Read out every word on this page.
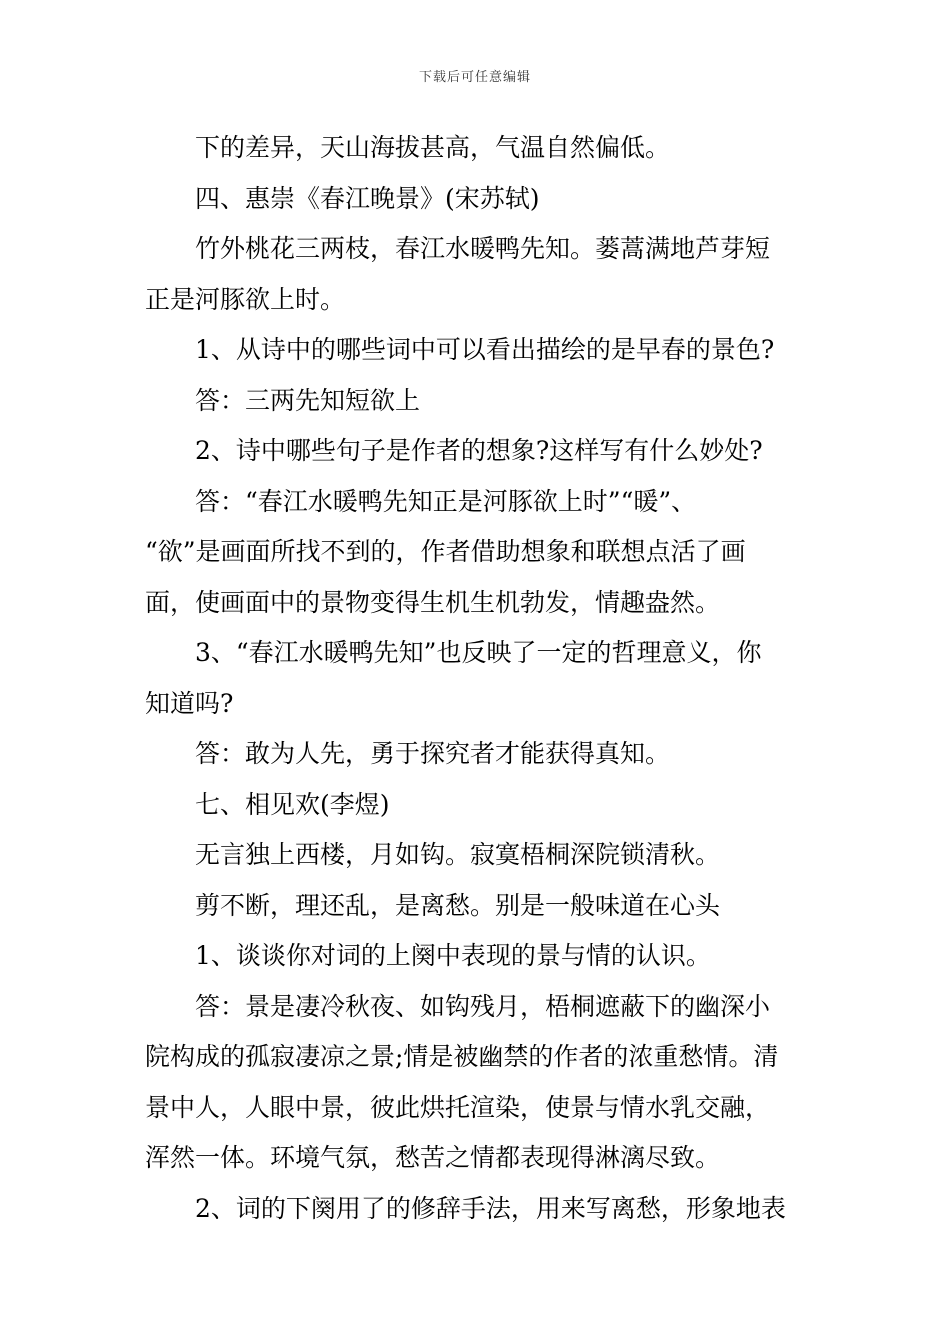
下载后可任意编辑
下的差异，天山海拔甚高，气温自然偏低。
四、惠崇《春江晚景》(宋苏轼)
竹外桃花三两枝，春江水暖鸭先知。蒌蒿满地芦芽短
正是河豚欲上时。
1、从诗中的哪些词中可以看出描绘的是早春的景色?
答：三两先知短欲上
2、诗中哪些句子是作者的想象?这样写有什么妙处?
答：“春江水暖鸭先知正是河豚欲上时”“暖”、
“欲”是画面所找不到的，作者借助想象和联想点活了画
面，使画面中的景物变得生机生机勃发，情趣盎然。
3、“春江水暖鸭先知”也反映了一定的哲理意义，你
知道吗?
答：敢为人先，勇于探究者才能获得真知。
七、相见欢(李煜)
无言独上西楼，月如钩。寂寞梧桐深院锁清秋。
剪不断，理还乱，是离愁。别是一般味道在心头
1、谈谈你对词的上阕中表现的景与情的认识。
答：景是凄冷秋夜、如钩残月，梧桐遮蔽下的幽深小
院构成的孤寂凄凉之景;情是被幽禁的作者的浓重愁情。清
景中人，人眼中景，彼此烘托渲染，使景与情水乳交融，
浑然一体。环境气氛，愁苦之情都表现得淋漓尽致。
2、词的下阕用了的修辞手法，用来写离愁，形象地表
